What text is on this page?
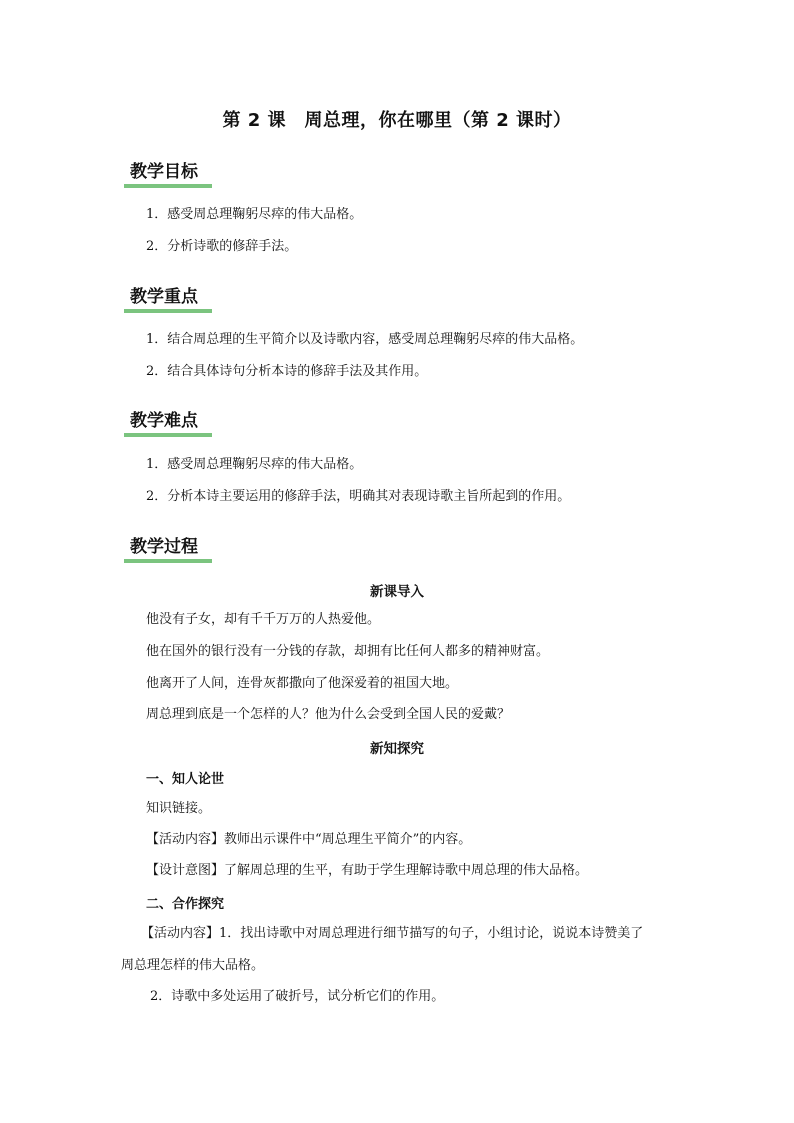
第 2 课　周总理，你在哪里（第 2 课时）
教学目标
1．感受周总理鞠躬尽瘁的伟大品格。
2．分析诗歌的修辞手法。
教学重点
1．结合周总理的生平简介以及诗歌内容，感受周总理鞠躬尽瘁的伟大品格。
2．结合具体诗句分析本诗的修辞手法及其作用。
教学难点
1．感受周总理鞠躬尽瘁的伟大品格。
2．分析本诗主要运用的修辞手法，明确其对表现诗歌主旨所起到的作用。
教学过程
新课导入
他没有子女，却有千千万万的人热爱他。
他在国外的银行没有一分钱的存款，却拥有比任何人都多的精神财富。
他离开了人间，连骨灰都撒向了他深爱着的祖国大地。
周总理到底是一个怎样的人？他为什么会受到全国人民的爱戴？
新知探究
一、知人论世
知识链接。
【活动内容】教师出示课件中“周总理生平简介”的内容。
【设计意图】了解周总理的生平，有助于学生理解诗歌中周总理的伟大品格。
二、合作探究
【活动内容】1．找出诗歌中对周总理进行细节描写的句子，小组讨论，说说本诗赞美了
周总理怎样的伟大品格。
2．诗歌中多处运用了破折号，试分析它们的作用。
